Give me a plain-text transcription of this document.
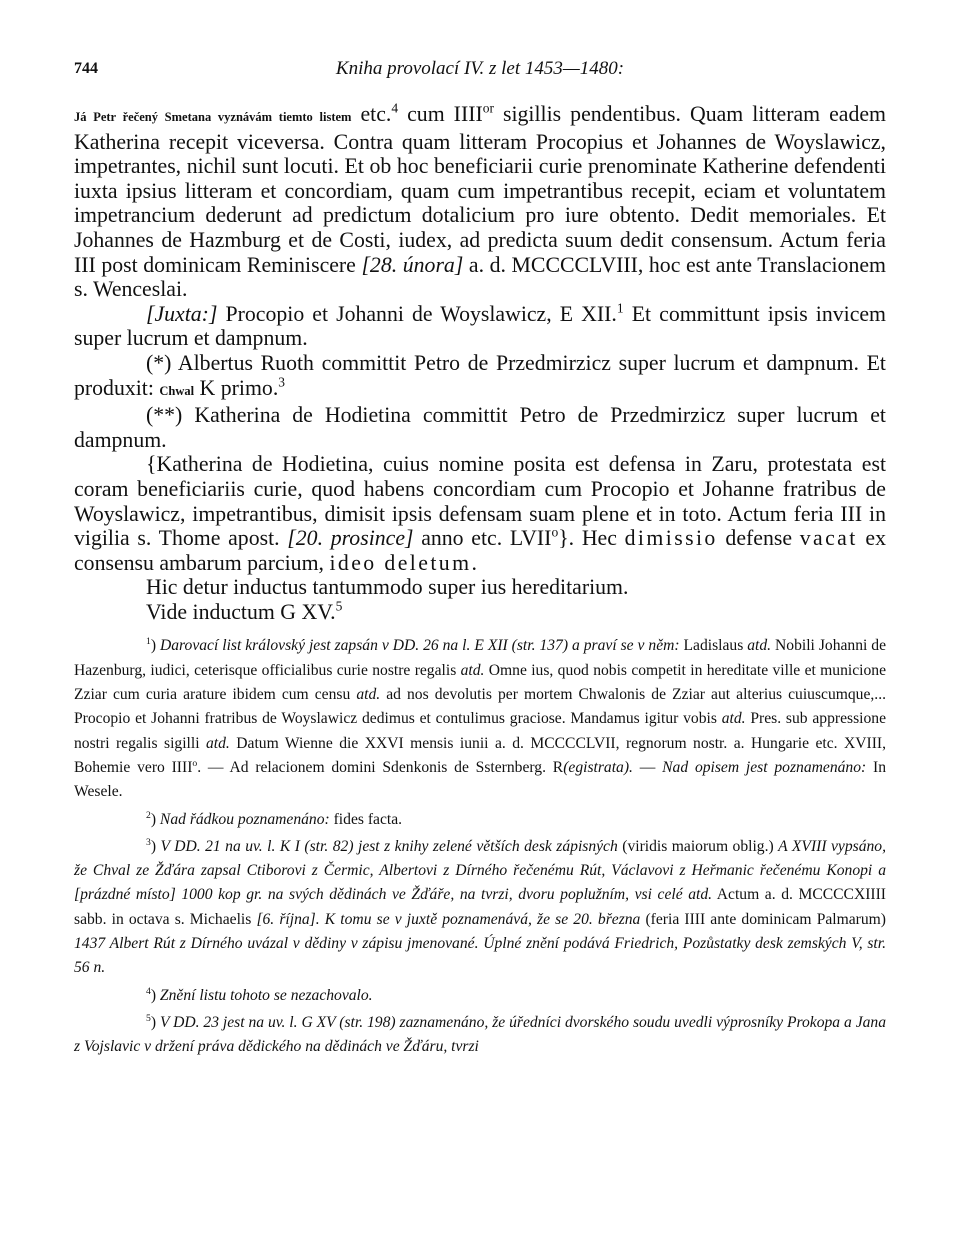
744	Kniha provolací IV. z let 1453—1480:

Já Petr řečený Smetana vyznávám tiemto listem etc.$^4$ cum $IIII^{or}$ sigillis pendentibus. Quam litteram eadem Katherina recepit viceversa. Contra quam litteram Procopius et Johannes de Woyslawicz, impetrantes, nichil sunt locuti. Et ob hoc beneficiarii curie prenominate Katherine defendenti iuxta ipsius litteram et concordiam, quam cum impetrantibus recepit, eciam et voluntatem impetrancium dederunt ad predictum dotalicium pro iure obtento. Dedit memoriales. Et Johannes de Hazmburg et de Costi, iudex, ad predicta suum dedit consensum. Actum feria III post dominicam Reminiscere [28. února] a. d. MCCCCLVIII, hoc est ante Translacionem s. Wenceslai.

[Juxta:] Procopio et Johanni de Woyslawicz, E XII.$^1$ Et committunt ipsis invicem super lucrum et dampnum.

(*) Albertus Ruoth committit Petro de Przedmirzicz super lucrum et dampnum. Et produxit: Chwal K primo.$^3$

(**) Katherina de Hodietina committit Petro de Przedmirzicz super lucrum et dampnum.

{Katherina de Hodietina, cuius nomine posita est defensa in Zaru, protestata est coram beneficiariis curie, quod habens concordiam cum Procopio et Johanne fratribus de Woyslawicz, impetrantibus, dimisit ipsis defensam suam plene et in toto. Actum feria III in vigilia s. Thome apost. [20. prosince] anno etc. LVII$^o$}. Hec dimissio defense vacat ex consensu ambarum parcium, ideo deletum.

Hic detur inductus tantummodo super ius hereditarium.

Vide inductum G XV.$^5$

$^1$) Darovací list královský jest zapsán v DD. 26 na l. E XII (str. 137) a praví se v něm: Ladislaus atd. Nobili Johanni de Hazenburg, iudici, ceterisque officialibus curie nostre regalis atd. Omne ius, quod nobis competit in hereditate ville et municione Zziar cum curia arature ibidem cum censu atd. ad nos devolutis per mortem Chwalonis de Zziar aut alterius cuiuscumque,... Procopio et Johanni fratribus de Woyslawicz dedimus et contulimus graciose. Mandamus igitur vobis atd. Pres. sub appressione nostri regalis sigilli atd. Datum Wienne die XXVI mensis iunii a. d. MCCCCLVII, regnorum nostr. a. Hungarie etc. XVIII, Bohemie vero IIII$^o$. — Ad relacionem domini Sdenkonis de Ssternberg. R(egistrata). — Nad opisem jest poznamenáno: In Wesele.

$^2$) Nad řádkou poznamenáno: fides facta.

$^3$) V DD. 21 na uv. l. K I (str. 82) jest z knihy zelené větších desk zápisných (viridis maiorum oblig.) A XVIII vypsáno, že Chval ze Žďára zapsal Ctiborovi z Čermic, Albertovi z Dírného řečenému Rút, Václavovi z Heřmanic řečenému Konopi a [prázdné místo] 1000 kop gr. na svých dědinách ve Žďáře, na tvrzi, dvoru poplužním, vsi celé atd. Actum a. d. MCCCCXIIII sabb. in octava s. Michaelis [6. října]. K tomu se v juxtě poznamenává, že se 20. března (feria IIII ante dominicam Palmarum) 1437 Albert Rút z Dírného uvázal v dědiny v zápisu jmenované. Úplné znění podává Friedrich, Pozůstatky desk zemských V, str. 56 n.

$^4$) Znění listu tohoto se nezachovalo.

$^5$) V DD. 23 jest na uv. l. G XV (str. 198) zaznamenáno, že úředníci dvorského soudu uvedli výprosníky Prokopa a Jana z Vojslavic v držení práva dědického na dědinách ve Žďáru, tvrzi
